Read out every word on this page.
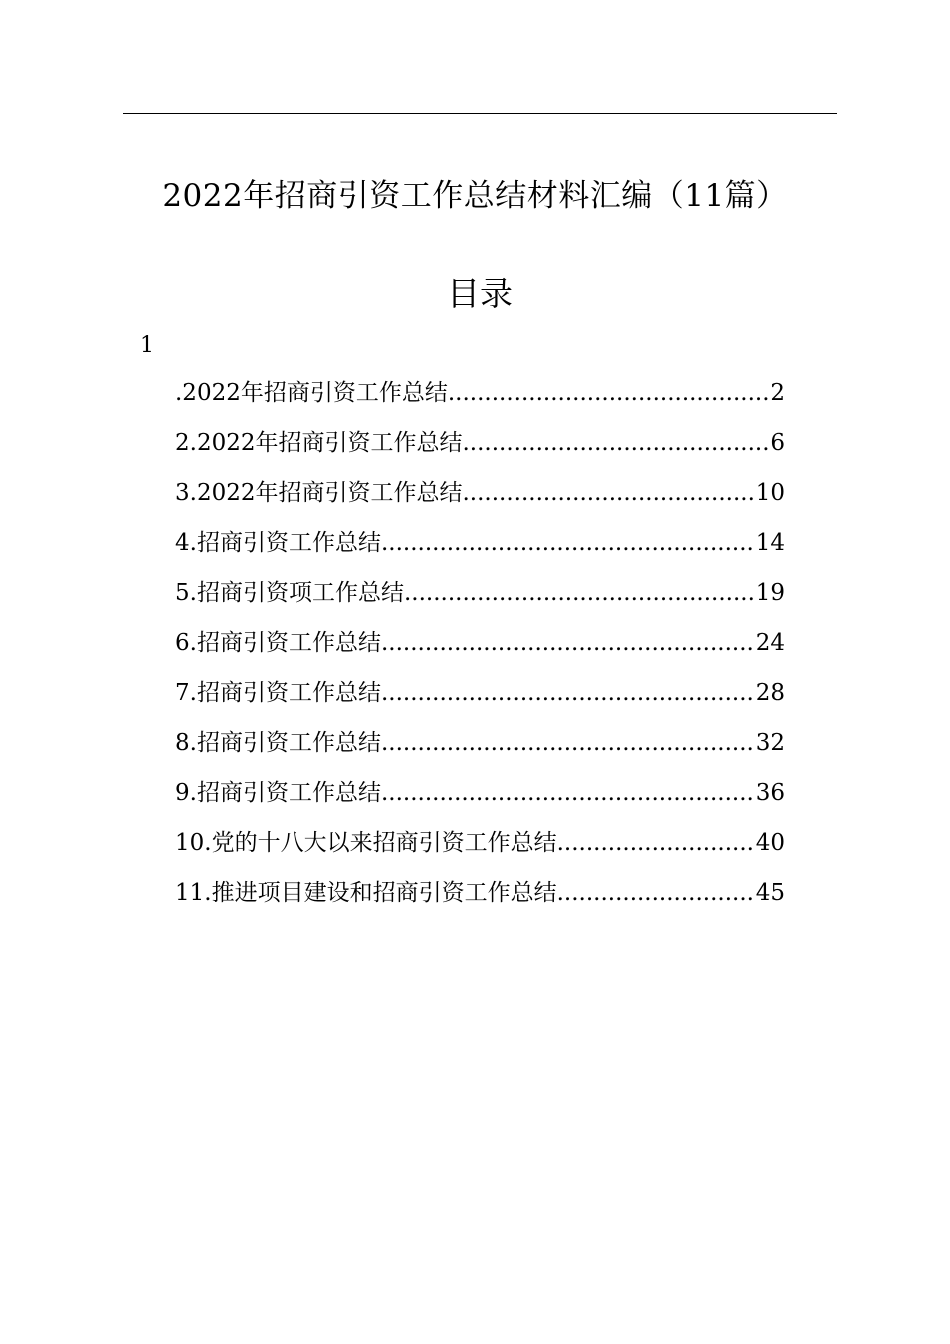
2022年招商引资工作总结材料汇编（11篇）
目录
1
.2022年招商引资工作总结 .....	2
2.2022年招商引资工作总结 .....	6
3.2022年招商引资工作总结 .....	10
4.招商引资工作总结 .....	14
5.招商引资项工作总结 .....	19
6.招商引资工作总结 .....	24
7.招商引资工作总结 .....	28
8.招商引资工作总结 .....	32
9.招商引资工作总结 .....	36
10.党的十八大以来招商引资工作总结 .....	40
11.推进项目建设和招商引资工作总结 .....	45
